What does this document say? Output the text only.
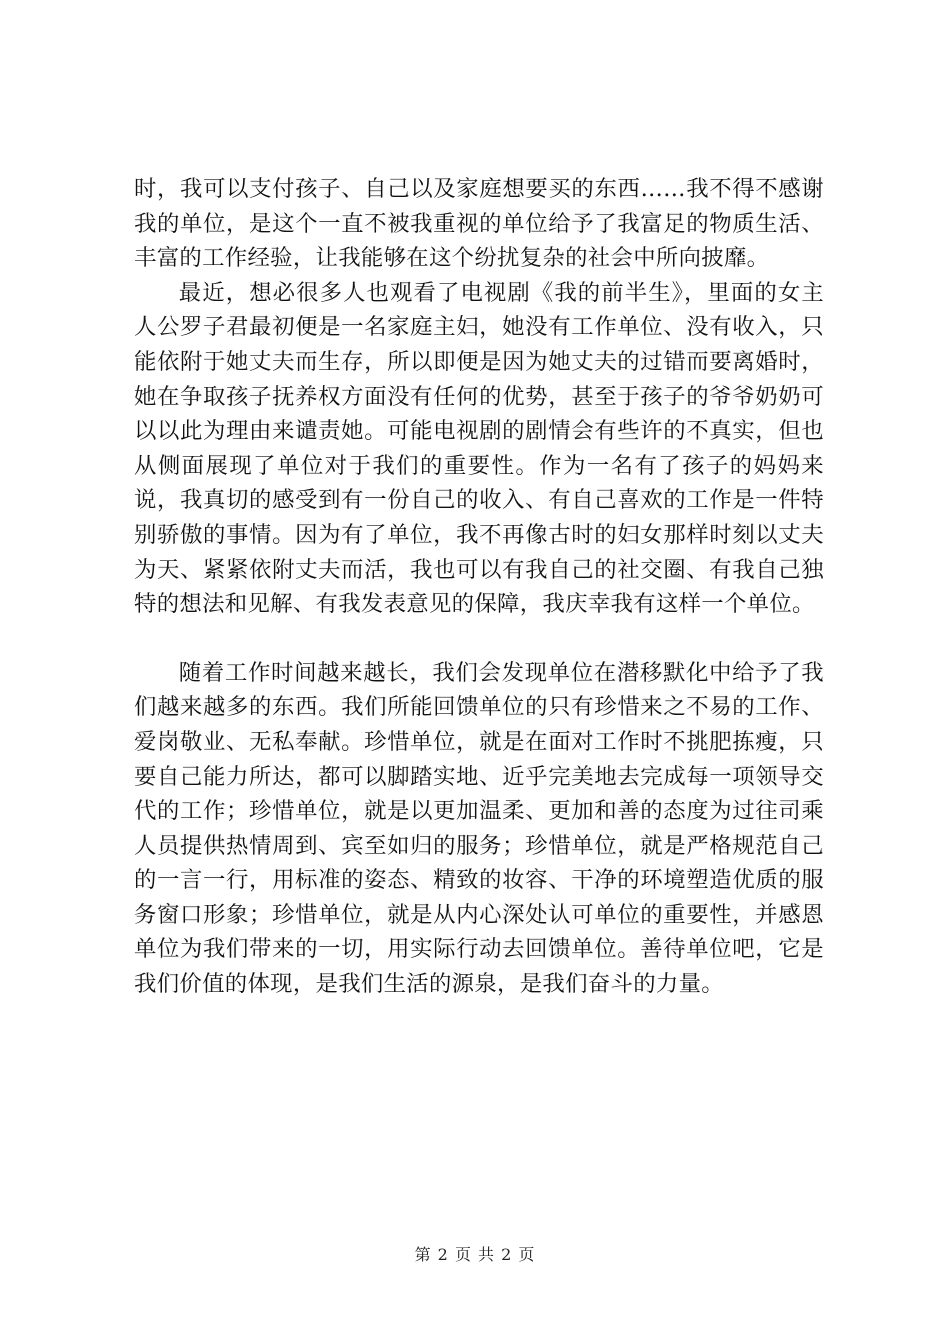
时，我可以支付孩子、自己以及家庭想要买的东西……我不得不感谢我的单位，是这个一直不被我重视的单位给予了我富足的物质生活、丰富的工作经验，让我能够在这个纷扰复杂的社会中所向披靡。

最近，想必很多人也观看了电视剧《我的前半生》，里面的女主人公罗子君最初便是一名家庭主妇，她没有工作单位、没有收入，只能依附于她丈夫而生存，所以即便是因为她丈夫的过错而要离婚时，她在争取孩子抚养权方面没有任何的优势，甚至于孩子的爷爷奶奶可以以此为理由来谴责她。可能电视剧的剧情会有些许的不真实，但也从侧面展现了单位对于我们的重要性。作为一名有了孩子的妈妈来说，我真切的感受到有一份自己的收入、有自己喜欢的工作是一件特别骄傲的事情。因为有了单位，我不再像古时的妇女那样时刻以丈夫为天、紧紧依附丈夫而活，我也可以有我自己的社交圈、有我自己独特的想法和见解、有我发表意见的保障，我庆幸我有这样一个单位。

随着工作时间越来越长，我们会发现单位在潜移默化中给予了我们越来越多的东西。我们所能回馈单位的只有珍惜来之不易的工作、爱岗敬业、无私奉献。珍惜单位，就是在面对工作时不挑肥拣瘦，只要自己能力所达，都可以脚踏实地、近乎完美地去完成每一项领导交代的工作；珍惜单位，就是以更加温柔、更加和善的态度为过往司乘人员提供热情周到、宾至如归的服务；珍惜单位，就是严格规范自己的一言一行，用标准的姿态、精致的妆容、干净的环境塑造优质的服务窗口形象；珍惜单位，就是从内心深处认可单位的重要性，并感恩单位为我们带来的一切，用实际行动去回馈单位。善待单位吧，它是我们价值的体现，是我们生活的源泉，是我们奋斗的力量。

第 2 页 共 2 页
